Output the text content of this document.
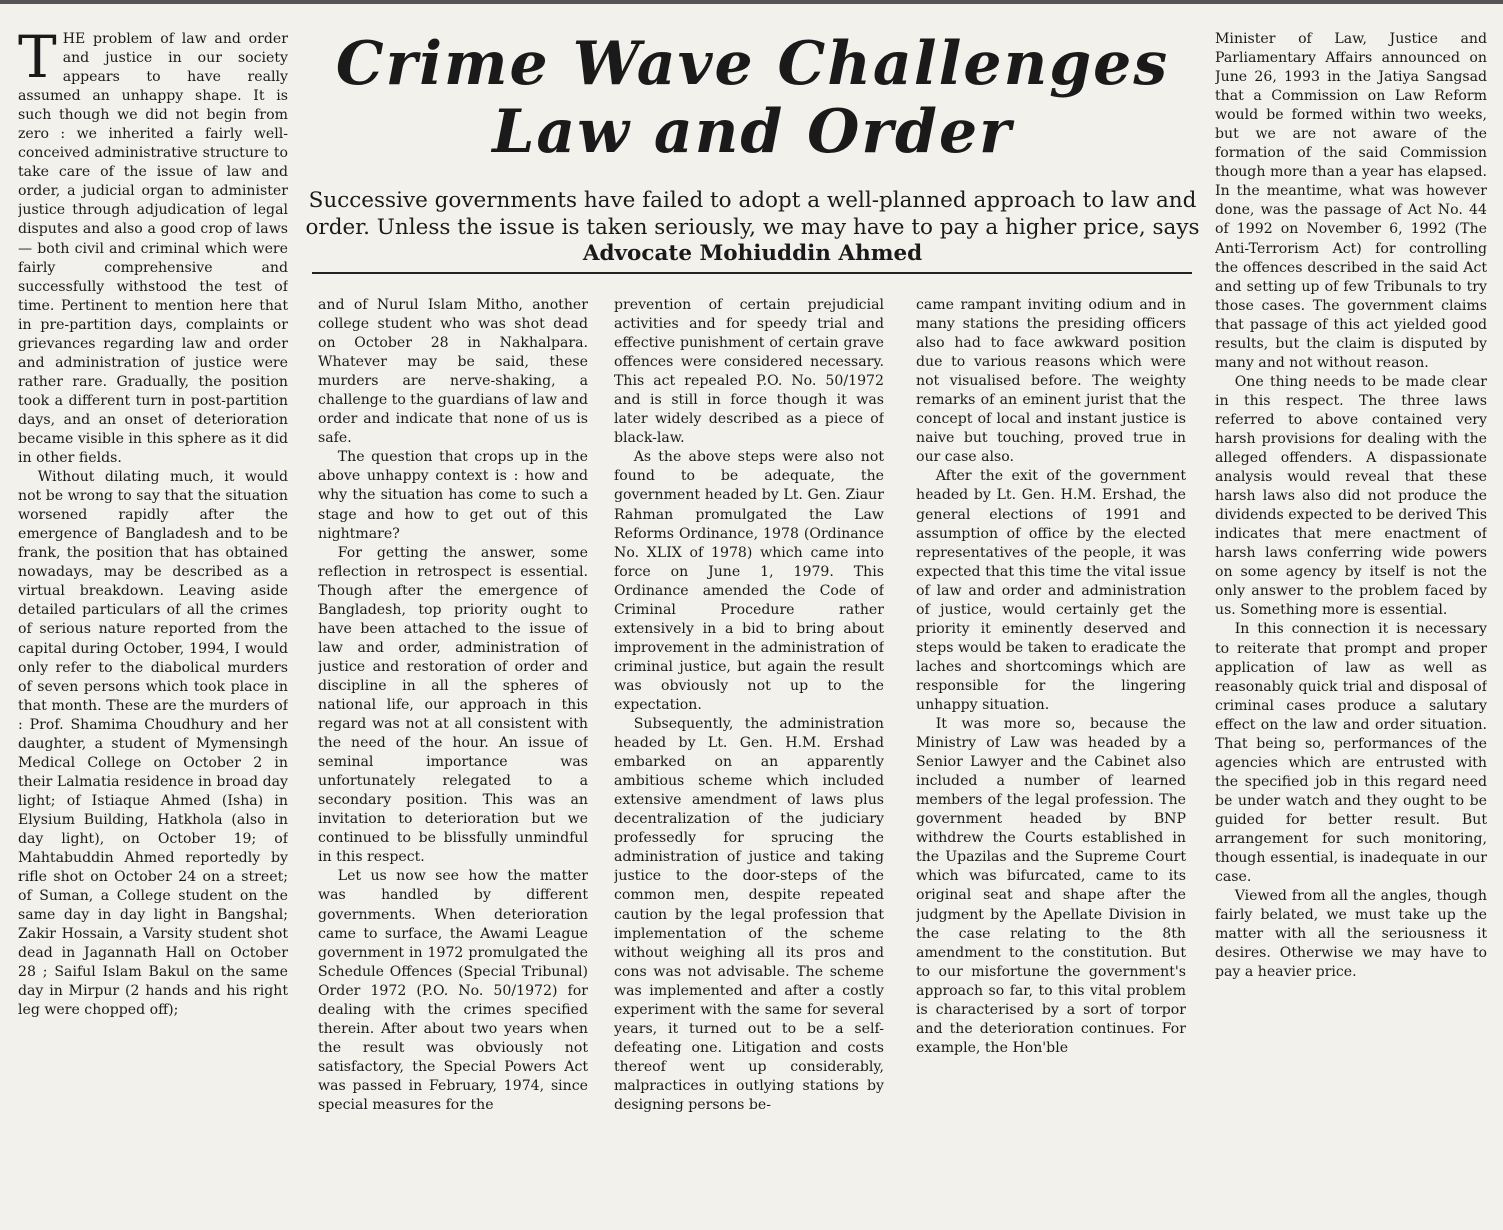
T HE problem of law and order and justice in our society appears to have really assumed an unhappy shape. It is such though we did not begin from zero : we inherited a fairly well-conceived administrative structure to take care of the issue of law and order, a judicial organ to administer justice through adjudication of legal disputes and also a good crop of laws — both civil and criminal which were fairly comprehensive and successfully withstood the test of time. Pertinent to mention here that in pre-partition days, complaints or grievances regarding law and order and administration of justice were rather rare. Gradually, the position took a different turn in post-partition days, and an onset of deterioration became visible in this sphere as it did in other fields.

Without dilating much, it would not be wrong to say that the situation worsened rapidly after the emergence of Bangladesh and to be frank, the position that has obtained nowadays, may be described as a virtual breakdown. Leaving aside detailed particulars of all the crimes of serious nature reported from the capital during October, 1994, I would only refer to the diabolical murders of seven persons which took place in that month. These are the murders of : Prof. Shamima Choudhury and her daughter, a student of Mymensingh Medical College on October 2 in their Lalmatia residence in broad day light; of Istiaque Ahmed (Isha) in Elysium Building, Hatkhola (also in day light), on October 19; of Mahtabuddin Ahmed reportedly by rifle shot on October 24 on a street; of Suman, a College student on the same day in day light in Bangshal; Zakir Hossain, a Varsity student shot dead in Jagannath Hall on October 28 ; Saiful Islam Bakul on the same day in Mirpur (2 hands and his right leg were chopped off);

Crime Wave Challenges
Law and Order
Successive governments have failed to adopt a well-planned approach to law and order. Unless the issue is taken seriously, we may have to pay a higher price, says Advocate Mohiuddin Ahmed

and of Nurul Islam Mitho, another college student who was shot dead on October 28 in Nakhalpara. Whatever may be said, these murders are nerve-shaking, a challenge to the guardians of law and order and indicate that none of us is safe.

The question that crops up in the above unhappy context is : how and why the situation has come to such a stage and how to get out of this nightmare?

For getting the answer, some reflection in retrospect is essential. Though after the emergence of Bangladesh, top priority ought to have been attached to the issue of law and order, administration of justice and restoration of order and discipline in all the spheres of national life, our approach in this regard was not at all consistent with the need of the hour. An issue of seminal importance was unfortunately relegated to a secondary position. This was an invitation to deterioration but we continued to be blissfully unmindful in this respect.

Let us now see how the matter was handled by different governments. When deterioration came to surface, the Awami League government in 1972 promulgated the Schedule Offences (Special Tribunal) Order 1972 (P.O. No. 50/1972) for dealing with the crimes specified therein. After about two years when the result was obviously not satisfactory, the Special Powers Act was passed in February, 1974, since special measures for the

prevention of certain prejudicial activities and for speedy trial and effective punishment of certain grave offences were considered necessary. This act repealed P.O. No. 50/1972 and is still in force though it was later widely described as a piece of black-law.

As the above steps were also not found to be adequate, the government headed by Lt. Gen. Ziaur Rahman promulgated the Law Reforms Ordinance, 1978 (Ordinance No. XLIX of 1978) which came into force on June 1, 1979. This Ordinance amended the Code of Criminal Procedure rather extensively in a bid to bring about improvement in the administration of criminal justice, but again the result was obviously not up to the expectation.

Subsequently, the administration headed by Lt. Gen. H.M. Ershad embarked on an apparently ambitious scheme which included extensive amendment of laws plus decentralization of the judiciary professedly for sprucing the administration of justice and taking justice to the door-steps of the common men, despite repeated caution by the legal profession that implementation of the scheme without weighing all its pros and cons was not advisable. The scheme was implemented and after a costly experiment with the same for several years, it turned out to be a self-defeating one. Litigation and costs thereof went up considerably, malpractices in outlying stations by designing persons be-

came rampant inviting odium and in many stations the presiding officers also had to face awkward position due to various reasons which were not visualised before. The weighty remarks of an eminent jurist that the concept of local and instant justice is naive but touching, proved true in our case also.

After the exit of the government headed by Lt. Gen. H.M. Ershad, the general elections of 1991 and assumption of office by the elected representatives of the people, it was expected that this time the vital issue of law and order and administration of justice, would certainly get the priority it eminently deserved and steps would be taken to eradicate the laches and shortcomings which are responsible for the lingering unhappy situation.

It was more so, because the Ministry of Law was headed by a Senior Lawyer and the Cabinet also included a number of learned members of the legal profession. The government headed by BNP withdrew the Courts established in the Upazilas and the Supreme Court which was bifurcated, came to its original seat and shape after the judgment by the Apellate Division in the case relating to the 8th amendment to the constitution. But to our misfortune the government's approach so far, to this vital problem is characterised by a sort of torpor and the deterioration continues. For example, the Hon'ble

Minister of Law, Justice and Parliamentary Affairs announced on June 26, 1993 in the Jatiya Sangsad that a Commission on Law Reform would be formed within two weeks, but we are not aware of the formation of the said Commission though more than a year has elapsed. In the meantime, what was however done, was the passage of Act No. 44 of 1992 on November 6, 1992 (The Anti-Terrorism Act) for controlling the offences described in the said Act and setting up of few Tribunals to try those cases. The government claims that passage of this act yielded good results, but the claim is disputed by many and not without reason.

One thing needs to be made clear in this respect. The three laws referred to above contained very harsh provisions for dealing with the alleged offenders. A dispassionate analysis would reveal that these harsh laws also did not produce the dividends expected to be derived This indicates that mere enactment of harsh laws conferring wide powers on some agency by itself is not the only answer to the problem faced by us. Something more is essential.

In this connection it is necessary to reiterate that prompt and proper application of law as well as reasonably quick trial and disposal of criminal cases produce a salutary effect on the law and order situation. That being so, performances of the agencies which are entrusted with the specified job in this regard need be under watch and they ought to be guided for better result. But arrangement for such monitoring, though essential, is inadequate in our case.

Viewed from all the angles, though fairly belated, we must take up the matter with all the seriousness it desires. Otherwise we may have to pay a heavier price.
